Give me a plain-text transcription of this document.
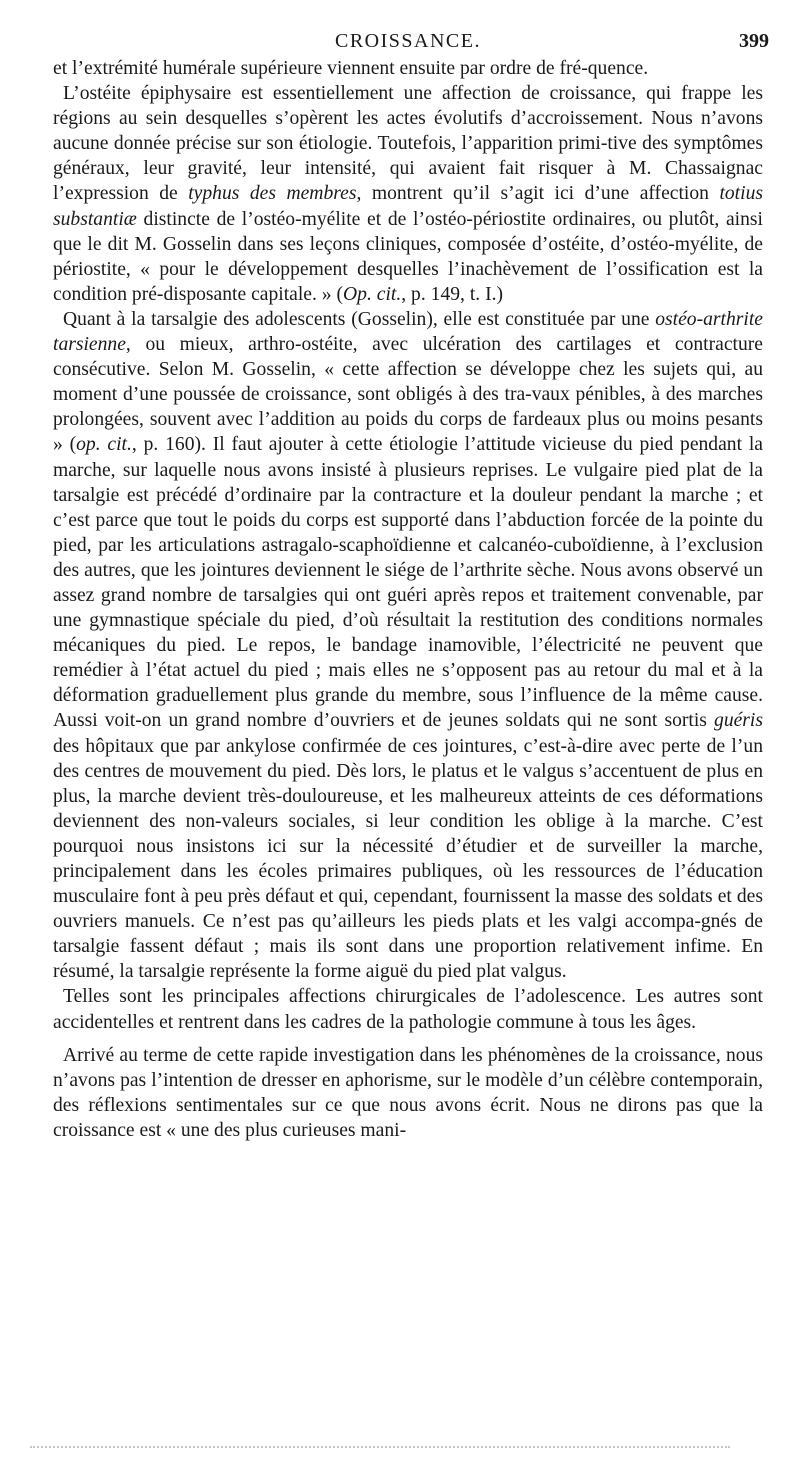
CROISSANCE.	399

et l’extrémité humérale supérieure viennent ensuite par ordre de fré-quence.

L’ostéite épiphysaire est essentiellement une affection de croissance, qui frappe les régions au sein desquelles s’opèrent les actes évolutifs d’accroissement. Nous n’avons aucune donnée précise sur son étiologie. Toutefois, l’apparition primi-tive des symptômes généraux, leur gravité, leur intensité, qui avaient fait risquer à M. Chassaignac l’expression de typhus des membres, montrent qu’il s’agit ici d’une affection totius substantiæ distincte de l’ostéo-myélite et de l’ostéo-périostite ordinaires, ou plutôt, ainsi que le dit M. Gosselin dans ses leçons cliniques, composée d’ostéite, d’ostéo-myélite, de périostite, « pour le développement desquelles l’inachèvement de l’ossification est la condition pré-disposante capitale. » (Op. cit., p. 149, t. I.)

Quant à la tarsalgie des adolescents (Gosselin), elle est constituée par une ostéo-arthrite tarsienne, ou mieux, arthro-ostéite, avec ulcération des cartilages et contracture consécutive. Selon M. Gosselin, « cette affection se développe chez les sujets qui, au moment d’une poussée de croissance, sont obligés à des tra-vaux pénibles, à des marches prolongées, souvent avec l’addition au poids du corps de fardeaux plus ou moins pesants » (op. cit., p. 160). Il faut ajouter à cette étiologie l’attitude vicieuse du pied pendant la marche, sur laquelle nous avons insisté à plusieurs reprises. Le vulgaire pied plat de la tarsalgie est précédé d’ordinaire par la contracture et la douleur pendant la marche ; et c’est parce que tout le poids du corps est supporté dans l’abduction forcée de la pointe du pied, par les articulations astragalo-scaphoïdienne et calcanéo-cuboïdienne, à l’exclusion des autres, que les jointures deviennent le siége de l’arthrite sèche. Nous avons observé un assez grand nombre de tarsalgies qui ont guéri après repos et traitement convenable, par une gymnastique spéciale du pied, d’où résultait la restitution des conditions normales mécaniques du pied. Le repos, le bandage inamovible, l’électricité ne peuvent que remédier à l’état actuel du pied ; mais elles ne s’opposent pas au retour du mal et à la déformation graduellement plus grande du membre, sous l’influence de la même cause. Aussi voit-on un grand nombre d’ouvriers et de jeunes soldats qui ne sont sortis guéris des hôpitaux que par ankylose confirmée de ces jointures, c’est-à-dire avec perte de l’un des centres de mouvement du pied. Dès lors, le platus et le valgus s’accentuent de plus en plus, la marche devient très-douloureuse, et les malheureux atteints de ces déformations deviennent des non-valeurs sociales, si leur condition les oblige à la marche. C’est pourquoi nous insistons ici sur la nécessité d’étudier et de surveiller la marche, principalement dans les écoles primaires publiques, où les ressources de l’éducation musculaire font à peu près défaut et qui, cependant, fournissent la masse des soldats et des ouvriers manuels. Ce n’est pas qu’ailleurs les pieds plats et les valgi accompa-gnés de tarsalgie fassent défaut ; mais ils sont dans une proportion relativement infime. En résumé, la tarsalgie représente la forme aiguë du pied plat valgus.

Telles sont les principales affections chirurgicales de l’adolescence. Les autres sont accidentelles et rentrent dans les cadres de la pathologie commune à tous les âges.

Arrivé au terme de cette rapide investigation dans les phénomènes de la croissance, nous n’avons pas l’intention de dresser en aphorisme, sur le modèle d’un célèbre contemporain, des réflexions sentimentales sur ce que nous avons écrit. Nous ne dirons pas que la croissance est « une des plus curieuses mani-
